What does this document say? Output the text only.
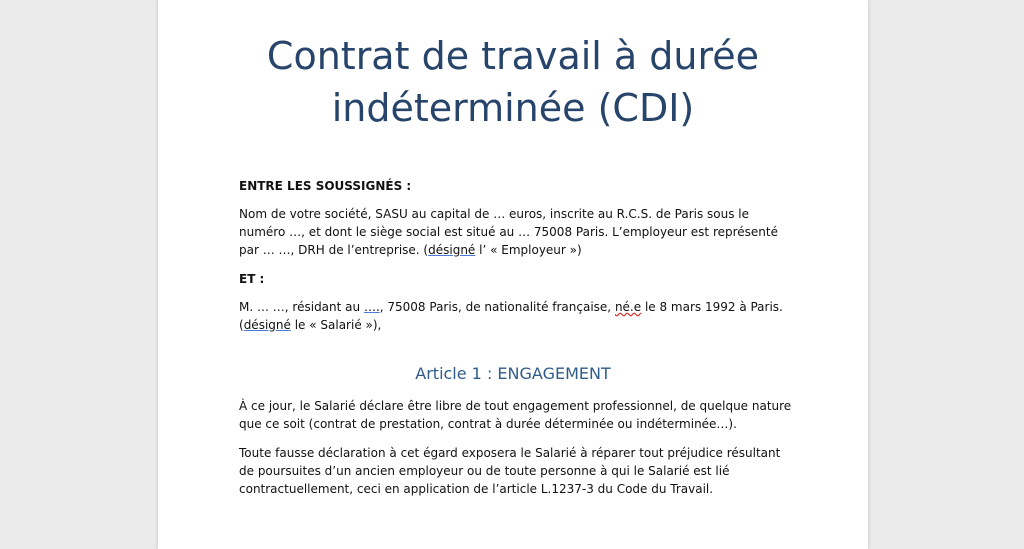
Contrat de travail à durée
indéterminée (CDI)

ENTRE LES SOUSSIGNÉS :

Nom de votre société, SASU au capital de … euros, inscrite au R.C.S. de Paris sous le
numéro …, et dont le siège social est situé au … 75008 Paris. L’employeur est représenté
par … …, DRH de l’entreprise. (désigné l’ « Employeur »)

ET :

M. … …, résidant au …., 75008 Paris, de nationalité française, né.e le 8 mars 1992 à Paris.
(désigné le « Salarié »),

Article 1 : ENGAGEMENT

À ce jour, le Salarié déclare être libre de tout engagement professionnel, de quelque nature
que ce soit (contrat de prestation, contrat à durée déterminée ou indéterminée…).

Toute fausse déclaration à cet égard exposera le Salarié à réparer tout préjudice résultant
de poursuites d’un ancien employeur ou de toute personne à qui le Salarié est lié
contractuellement, ceci en application de l’article L.1237-3 du Code du Travail.
